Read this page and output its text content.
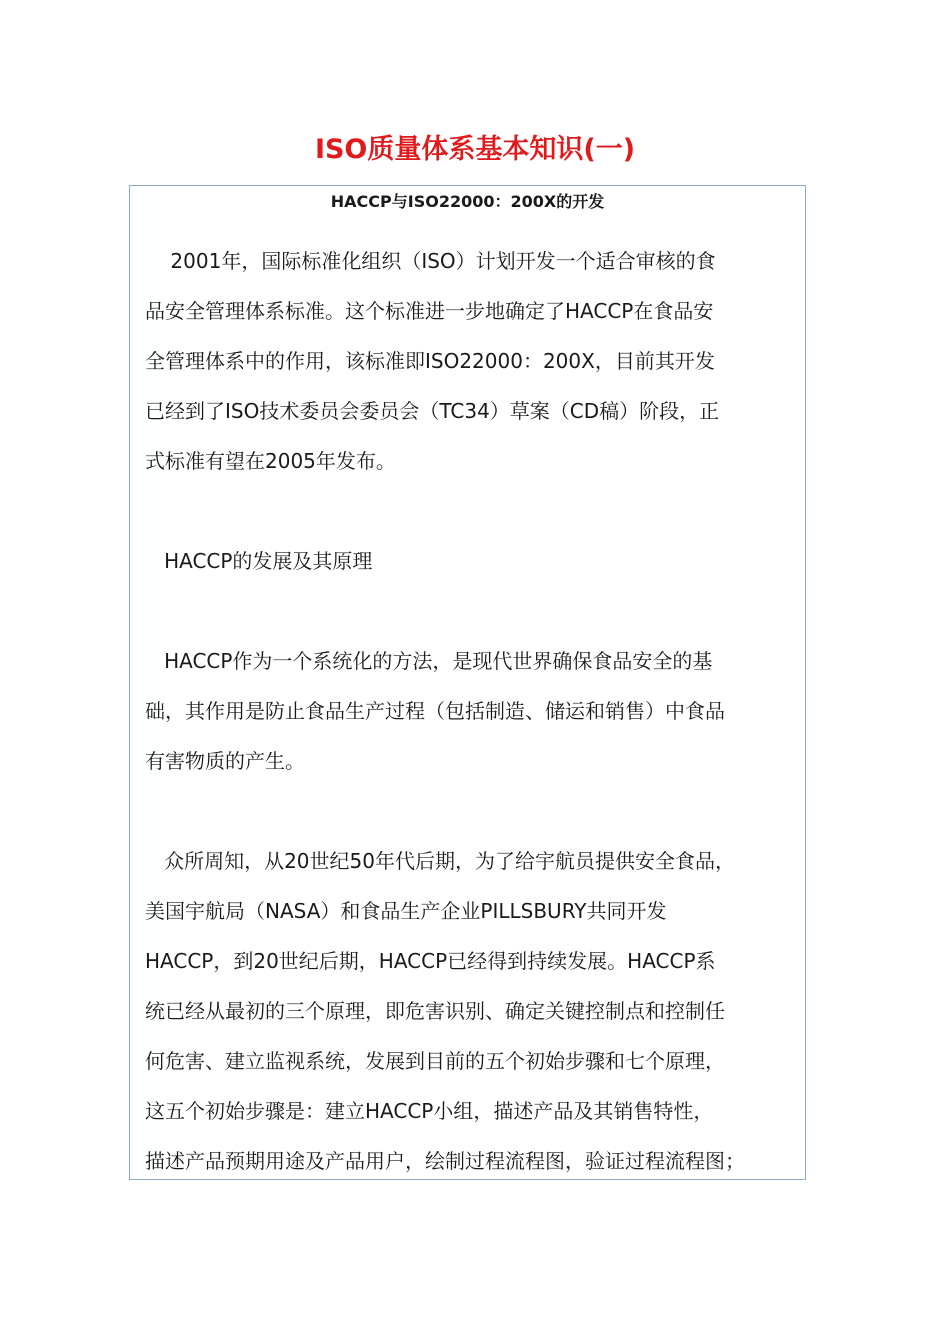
ISO质量体系基本知识(一)
HACCP与ISO22000：200X的开发
2001年，国际标准化组织（ISO）计划开发一个适合审核的食
品安全管理体系标准。这个标准进一步地确定了HACCP在食品安
全管理体系中的作用，该标准即ISO22000：200X，目前其开发
已经到了ISO技术委员会委员会（TC34）草案（CD稿）阶段，正
式标准有望在2005年发布。
HACCP的发展及其原理
HACCP作为一个系统化的方法，是现代世界确保食品安全的基
础，其作用是防止食品生产过程（包括制造、储运和销售）中食品
有害物质的产生。
众所周知，从20世纪50年代后期，为了给宇航员提供安全食品，
美国宇航局（NASA）和食品生产企业PILLSBURY共同开发
HACCP，到20世纪后期，HACCP已经得到持续发展。HACCP系
统已经从最初的三个原理，即危害识别、确定关键控制点和控制任
何危害、建立监视系统，发展到目前的五个初始步骤和七个原理，
这五个初始步骤是：建立HACCP小组，描述产品及其销售特性，
描述产品预期用途及产品用户，绘制过程流程图，验证过程流程图；
